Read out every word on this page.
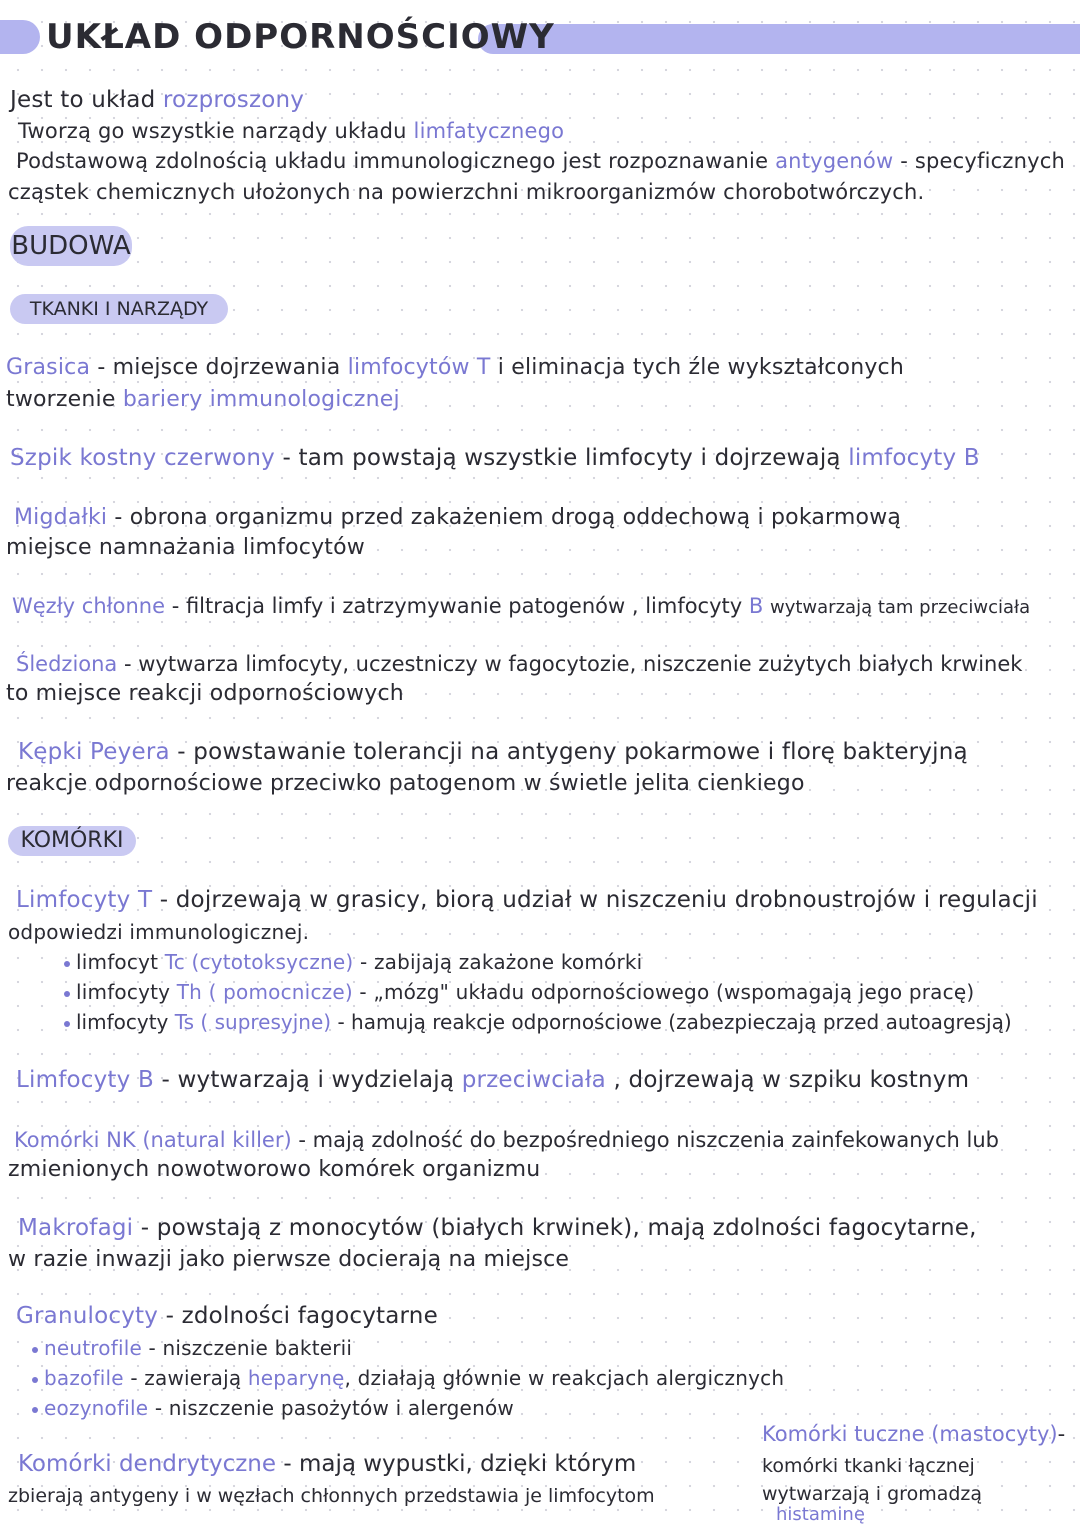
UKŁAD ODPORNOŚCIOWY
Jest to układ rozproszony
Tworzą go wszystkie narządy układu limfatycznego
Podstawową zdolnością układu immunologicznego jest rozpoznawanie antygenów - specyficznych
cząstek chemicznych ułożonych na powierzchni mikroorganizmów chorobotwórczych.
BUDOWA
TKANKI I NARZĄDY
Grasica - miejsce dojrzewania limfocytów T i eliminacja tych źle wykształconych
tworzenie bariery immunologicznej
Szpik kostny czerwony - tam powstają wszystkie limfocyty i dojrzewają limfocyty B
Migdałki - obrona organizmu przed zakażeniem drogą oddechową i pokarmową
miejsce namnażania limfocytów
Węzły chłonne - filtracja limfy i zatrzymywanie patogenów , limfocyty B wytwarzają tam przeciwciała
Śledziona - wytwarza limfocyty, uczestniczy w fagocytozie, niszczenie zużytych białych krwinek
to miejsce reakcji odpornościowych
Kępki Peyera - powstawanie tolerancji na antygeny pokarmowe i florę bakteryjną
reakcje odpornościowe przeciwko patogenom w świetle jelita cienkiego
KOMÓRKI
Limfocyty T - dojrzewają w grasicy, biorą udział w niszczeniu drobnoustrojów i regulacji
odpowiedzi immunologicznej.
limfocyt Tc (cytotoksyczne) - zabijają zakażone komórki
limfocyty Th ( pomocnicze) - „mózg" układu odpornościowego (wspomagają jego pracę)
limfocyty Ts ( supresyjne) - hamują reakcje odpornościowe (zabezpieczają przed autoagresją)
Limfocyty B - wytwarzają i wydzielają przeciwciała , dojrzewają w szpiku kostnym
Komórki NK (natural killer) - mają zdolność do bezpośredniego niszczenia zainfekowanych lub
zmienionych nowotworowo komórek organizmu
Makrofagi - powstają z monocytów (białych krwinek), mają zdolności fagocytarne,
w razie inwazji jako pierwsze docierają na miejsce
Granulocyty - zdolności fagocytarne
neutrofile - niszczenie bakterii
bazofile - zawierają heparynę, działają głównie w reakcjach alergicznych
eozynofile - niszczenie pasożytów i alergenów
Komórki tuczne (mastocyty)-
komórki tkanki łącznej
wytwarzają i gromadzą
histaminę
Komórki dendrytyczne - mają wypustki, dzięki którym
zbierają antygeny i w węzłach chłonnych przedstawia je limfocytom
